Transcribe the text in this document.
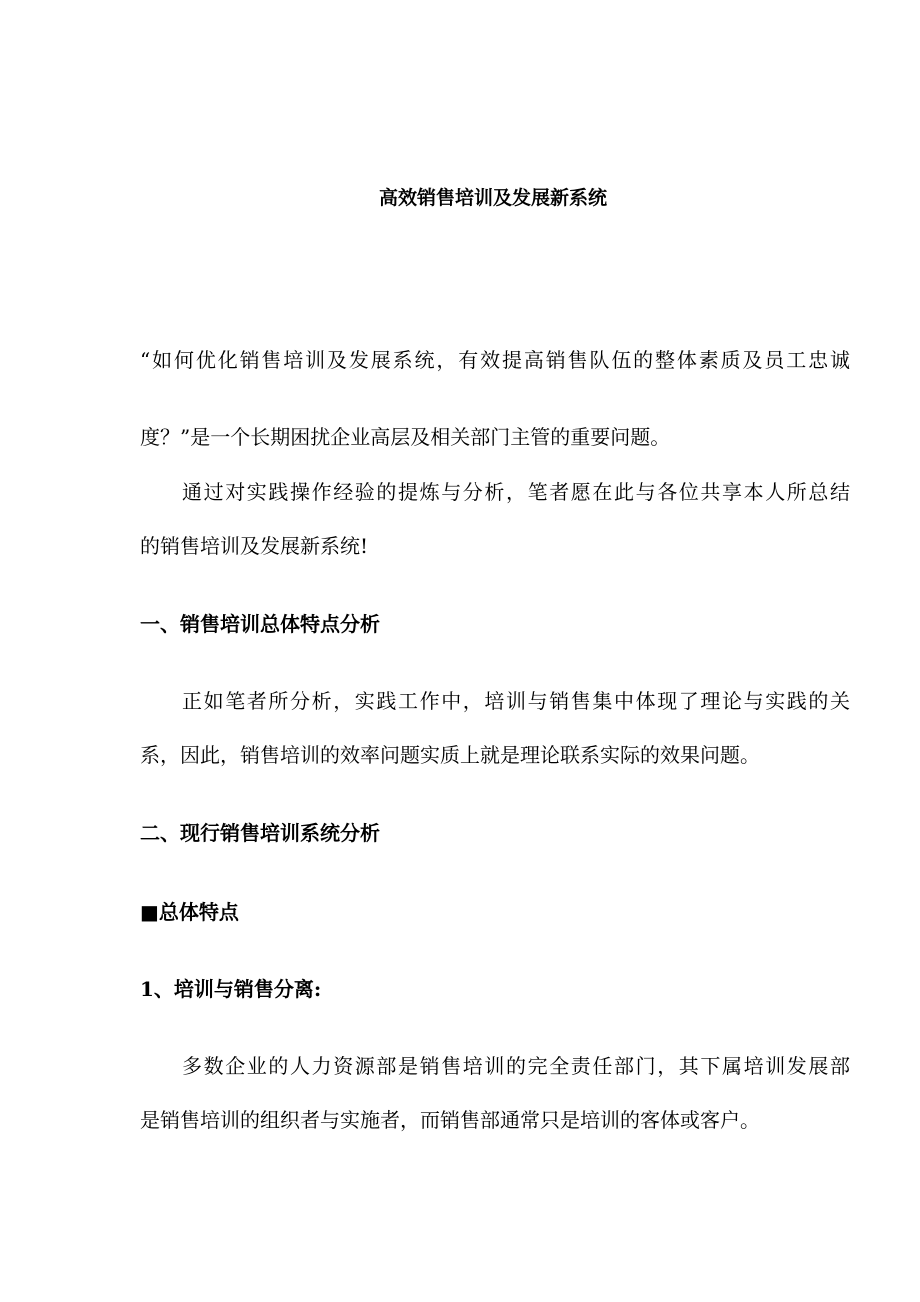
高效销售培训及发展新系统
“如何优化销售培训及发展系统，有效提高销售队伍的整体素质及员工忠诚
度？”是一个长期困扰企业高层及相关部门主管的重要问题。
通过对实践操作经验的提炼与分析，笔者愿在此与各位共享本人所总结
的销售培训及发展新系统!
一、销售培训总体特点分析
正如笔者所分析，实践工作中，培训与销售集中体现了理论与实践的关
系，因此，销售培训的效率问题实质上就是理论联系实际的效果问题。
二、现行销售培训系统分析
■总体特点
1、培训与销售分离:
多数企业的人力资源部是销售培训的完全责任部门，其下属培训发展部
是销售培训的组织者与实施者，而销售部通常只是培训的客体或客户。
